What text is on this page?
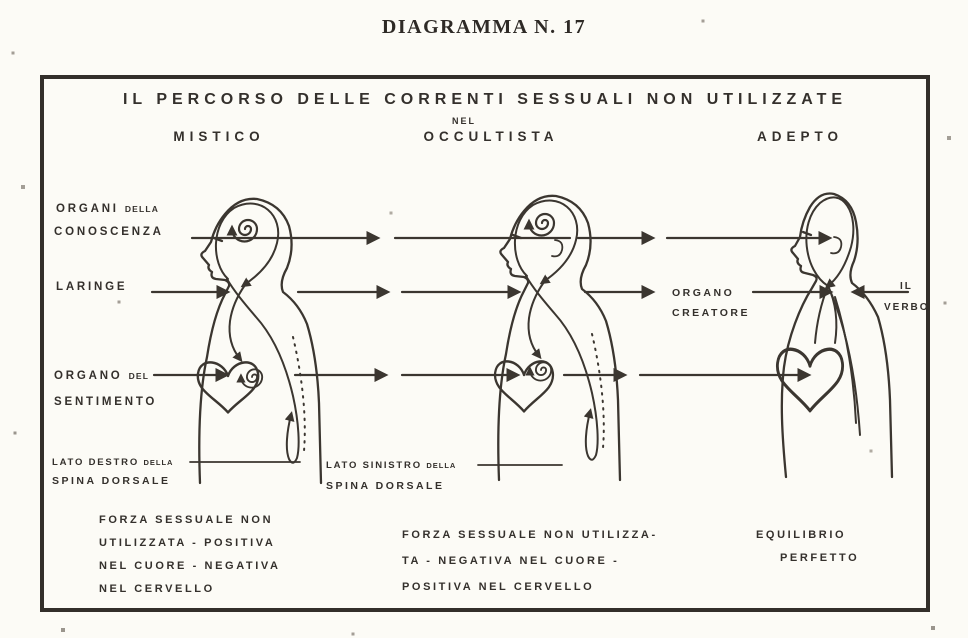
DIAGRAMMA N. 17
IL PERCORSO DELLE CORRENTI SESSUALI NON UTILIZZATE
NEL
MISTICO	OCCULTISTA	ADEPTO
ORGANI DELLA
CONOSCENZA
LARINGE
ORGANO DEL
SENTIMENTO
LATO DESTRO DELLA
SPINA DORSALE
LATO SINISTRO DELLA
SPINA DORSALE
ORGANO
CREATORE
IL
VERBO
FORZA SESSUALE NON
UTILIZZATA - POSITIVA
NEL CUORE - NEGATIVA
NEL CERVELLO
FORZA SESSUALE NON UTILIZZA-
TA - NEGATIVA NEL CUORE -
POSITIVA NEL CERVELLO
EQUILIBRIO
PERFETTO
